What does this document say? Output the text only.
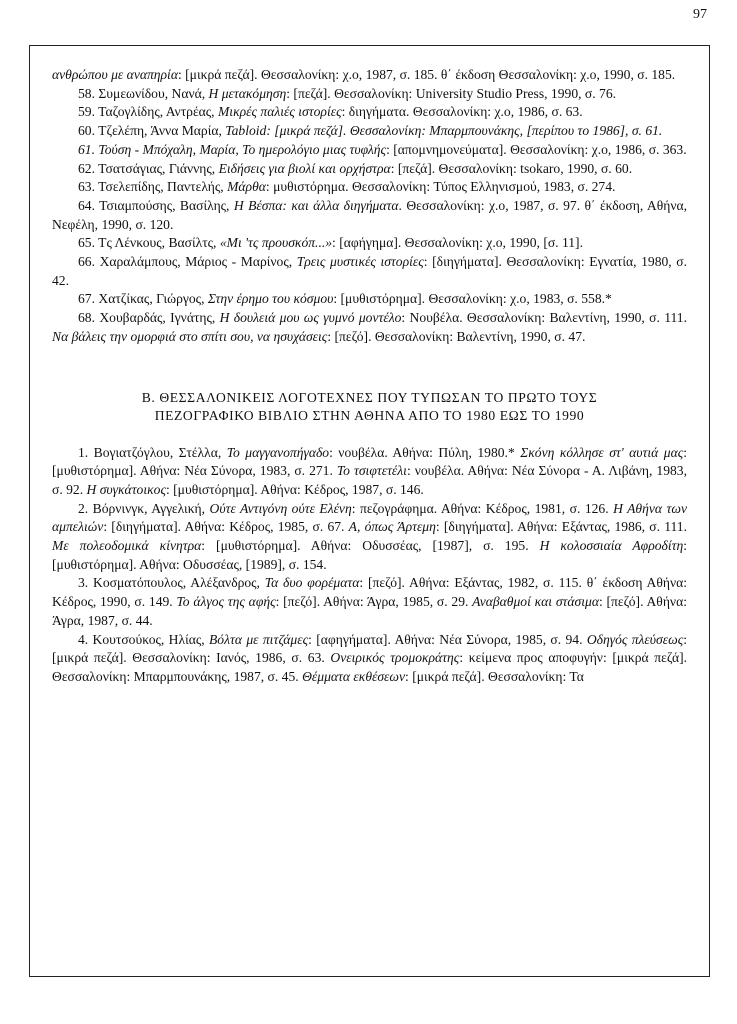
97

ανθρώπου με αναπηρία: [μικρά πεζά]. Θεσσαλονίκη: χ.ο, 1987, σ. 185. θ΄ έκδοση Θεσσαλονίκη: χ.ο, 1990, σ. 185.

58. Συμεωνίδου, Νανά, Η μετακόμηση: [πεζά]. Θεσσαλονίκη: University Studio Press, 1990, σ. 76.

59. Ταζογλίδης, Αντρέας, Μικρές παλιές ιστορίες: διηγήματα. Θεσσαλονίκη: χ.ο, 1986, σ. 63.

60. Τζελέπη, Άννα Μαρία, Tabloid: [μικρά πεζά]. Θεσσαλονίκη: Μπαρμπουνάκης, [περίπου το 1986], σ. 61.

61. Τούση - Μπόχαλη, Μαρία, Το ημερολόγιο μιας τυφλής: [απομνημονεύματα]. Θεσσαλονίκη: χ.ο, 1986, σ. 363.

62. Τσατσάγιας, Γιάννης, Ειδήσεις για βιολί και ορχήστρα: [πεζά]. Θεσσαλονίκη: tsokaro, 1990, σ. 60.

63. Τσελεπίδης, Παντελής, Μάρθα: μυθιστόρημα. Θεσσαλονίκη: Τύπος Ελληνισμού, 1983, σ. 274.

64. Τσιαμπούσης, Βασίλης, Η Βέσπα: και άλλα διηγήματα. Θεσσαλονίκη: χ.ο, 1987, σ. 97. θ΄ έκδοση, Αθήνα, Νεφέλη, 1990, σ. 120.

65. Τς Λένκους, Βασίλτς, «Μι 'τς προυσκόπ...»: [αφήγημα]. Θεσσαλονίκη: χ.ο, 1990, [σ. 11].

66. Χαραλάμπους, Μάριος - Μαρίνος, Τρεις μυστικές ιστορίες: [διηγήματα]. Θεσσαλονίκη: Εγνατία, 1980, σ. 42.

67. Χατζίκας, Γιώργος, Στην έρημο του κόσμου: [μυθιστόρημα]. Θεσσαλονίκη: χ.ο, 1983, σ. 558.*

68. Χουβαρδάς, Ιγνάτης, Η δουλειά μου ως γυμνό μοντέλο: Νουβέλα. Θεσσαλονίκη: Βαλεντίνη, 1990, σ. 111. Να βάλεις την ομορφιά στο σπίτι σου, να ησυχάσεις: [πεζό]. Θεσσαλονίκη: Βαλεντίνη, 1990, σ. 47.

Β. ΘΕΣΣΑΛΟΝΙΚΕΙΣ ΛΟΓΟΤΕΧΝΕΣ ΠΟΥ ΤΥΠΩΣΑΝ ΤΟ ΠΡΩΤΟ ΤΟΥΣ
ΠΕΖΟΓΡΑΦΙΚΟ ΒΙΒΛΙΟ ΣΤΗΝ ΑΘΗΝΑ ΑΠΟ ΤΟ 1980 ΕΩΣ ΤΟ 1990

1. Βογιατζόγλου, Στέλλα, Το μαγγανοπήγαδο: νουβέλα. Αθήνα: Πύλη, 1980.* Σκόνη κόλλησε στ' αυτιά μας: [μυθιστόρημα]. Αθήνα: Νέα Σύνορα, 1983, σ. 271. Το τσιφτετέλι: νουβέλα. Αθήνα: Νέα Σύνορα - Α. Λιβάνη, 1983, σ. 92. Η συγκάτοικος: [μυθιστόρημα]. Αθήνα: Κέδρος, 1987, σ. 146.

2. Βόρνινγκ, Αγγελική, Ούτε Αντιγόνη ούτε Ελένη: πεζογράφημα. Αθήνα: Κέδρος, 1981, σ. 126. Η Αθήνα των αμπελιών: [διηγήματα]. Αθήνα: Κέδρος, 1985, σ. 67. Α, όπως Άρτεμη: [διηγήματα]. Αθήνα: Εξάντας, 1986, σ. 111. Με πολεοδομικά κίνητρα: [μυθιστόρημα]. Αθήνα: Οδυσσέας, [1987], σ. 195. Η κολοσσιαία Αφροδίτη: [μυθιστόρημα]. Αθήνα: Οδυσσέας, [1989], σ. 154.

3. Κοσματόπουλος, Αλέξανδρος, Τα δυο φορέματα: [πεζό]. Αθήνα: Εξάντας, 1982, σ. 115. θ΄ έκδοση Αθήνα: Κέδρος, 1990, σ. 149. Το άλγος της αφής: [πεζό]. Αθήνα: Άγρα, 1985, σ. 29. Αναβαθμοί και στάσιμα: [πεζό]. Αθήνα: Άγρα, 1987, σ. 44.

4. Κουτσούκος, Ηλίας, Βόλτα με πιτζάμες: [αφηγήματα]. Αθήνα: Νέα Σύνορα, 1985, σ. 94. Οδηγός πλεύσεως: [μικρά πεζά]. Θεσσαλονίκη: Ιανός, 1986, σ. 63. Ονειρικός τρομοκράτης: κείμενα προς αποφυγήν: [μικρά πεζά]. Θεσσαλονίκη: Μπαρμπουνάκης, 1987, σ. 45. Θέμματα εκθέσεων: [μικρά πεζά]. Θεσσαλονίκη: Τα
